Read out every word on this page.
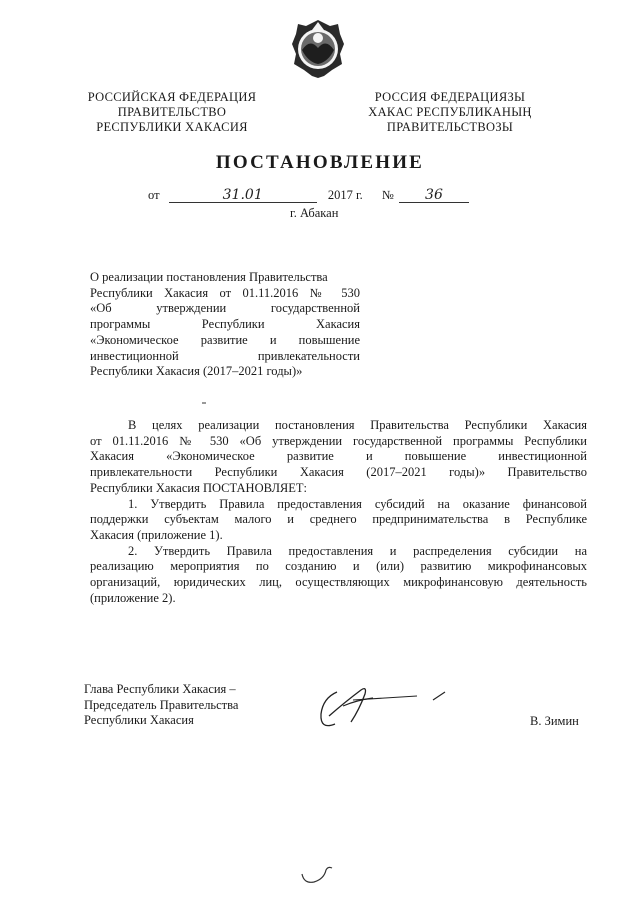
РОССИЙСКАЯ ФЕДЕРАЦИЯ
ПРАВИТЕЛЬСТВО
РЕСПУБЛИКИ ХАКАСИЯ
РОССИЯ ФЕДЕРАЦИЯЗЫ
ХАКАС РЕСПУБЛИКАНЫҢ
ПРАВИТЕЛЬСТВОЗЫ
ПОСТАНОВЛЕНИЕ
от	31.01	2017 г. № 36
г. Абакан
О реализации постановления Правительства
Республики Хакасия от 01.11.2016 № 530
«Об утверждении государственной
программы Республики Хакасия
«Экономическое развитие и повышение
инвестиционной привлекательности
Республики Хакасия (2017–2021 годы)»
В целях реализации постановления Правительства Республики Хакасия
от 01.11.2016 № 530 «Об утверждении государственной программы Республики
Хакасия «Экономическое развитие и повышение инвестиционной
привлекательности Республики Хакасия (2017–2021 годы)» Правительство
Республики Хакасия ПОСТАНОВЛЯЕТ:
1. Утвердить Правила предоставления субсидий на оказание финансовой
поддержки субъектам малого и среднего предпринимательства в Республике
Хакасия (приложение 1).
2. Утвердить Правила предоставления и распределения субсидии на
реализацию мероприятия по созданию и (или) развитию микрофинансовых
организаций, юридических лиц, осуществляющих микрофинансовую деятельность
(приложение 2).
Глава Республики Хакасия –
Председатель Правительства
Республики Хакасия	В. Зимин
